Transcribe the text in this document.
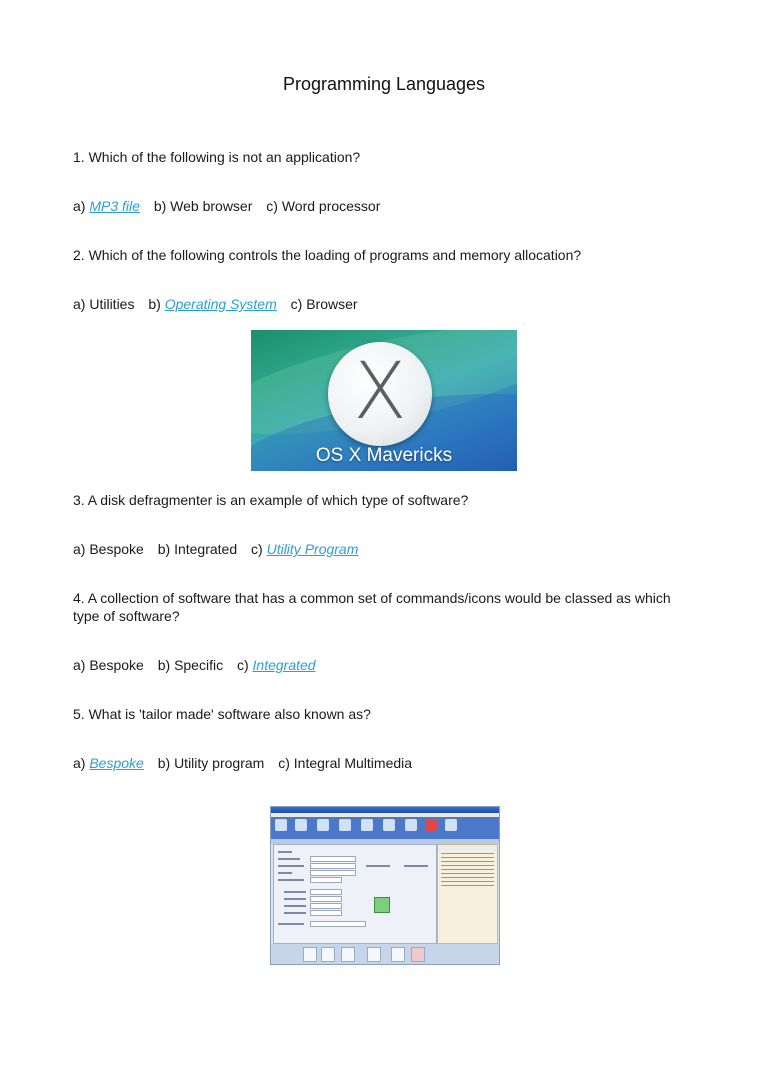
Programming Languages
1. Which of the following is not an application?
a) MP3 file b) Web browser c) Word processor
2. Which of the following controls the loading of programs and memory allocation?
a) Utilities b) Operating System c) Browser
X
OS X Mavericks
3. A disk defragmenter is an example of which type of software?
a) Bespoke b) Integrated c) Utility Program
4. A collection of software that has a common set of commands/icons would be classed as which type of software?
a) Bespoke b) Specific c) Integrated
5. What is 'tailor made' software also known as?
a) Bespoke b) Utility program c) Integral Multimedia
